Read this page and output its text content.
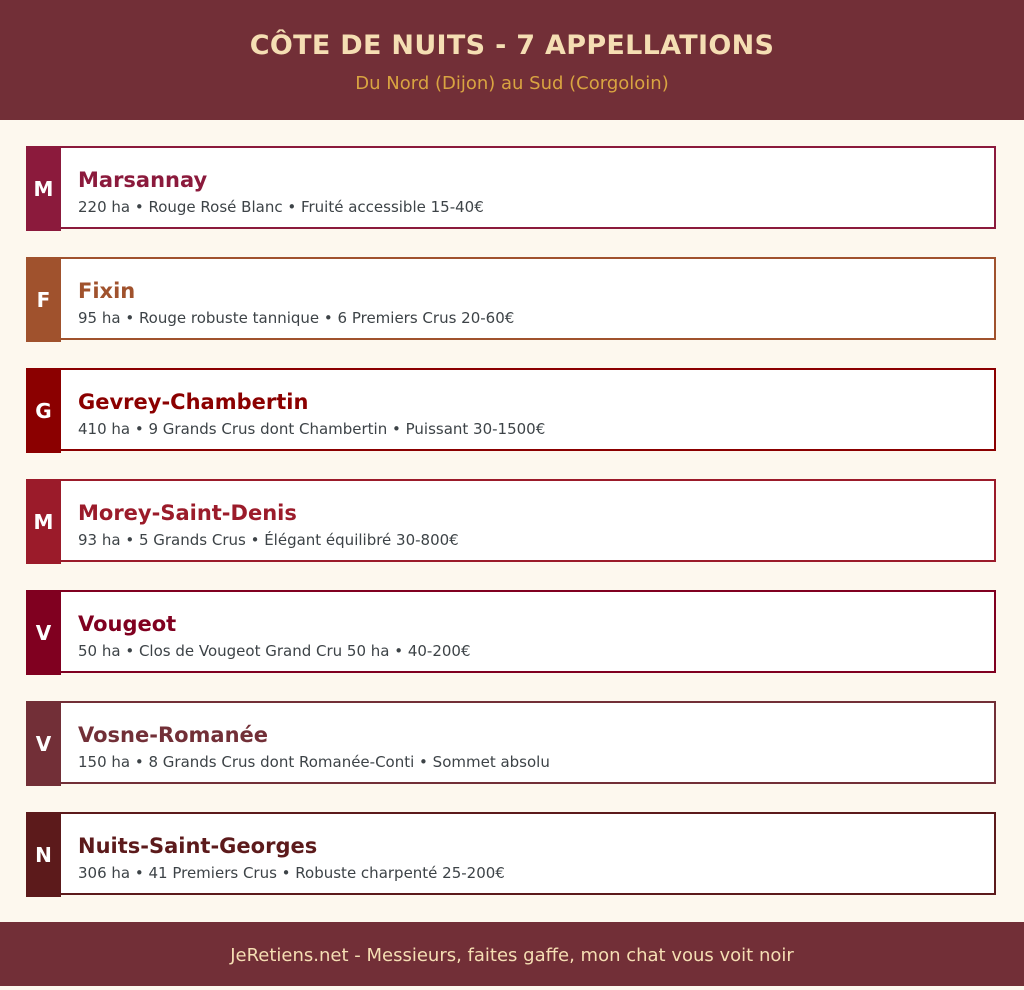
CÔTE DE NUITS - 7 APPELLATIONS
Du Nord (Dijon) au Sud (Corgoloin)
M	Marsannay
220 ha • Rouge Rosé Blanc • Fruité accessible 15-40€
F	Fixin
95 ha • Rouge robuste tannique • 6 Premiers Crus 20-60€
G	Gevrey-Chambertin
410 ha • 9 Grands Crus dont Chambertin • Puissant 30-1500€
M	Morey-Saint-Denis
93 ha • 5 Grands Crus • Élégant équilibré 30-800€
V	Vougeot
50 ha • Clos de Vougeot Grand Cru 50 ha • 40-200€
V	Vosne-Romanée
150 ha • 8 Grands Crus dont Romanée-Conti • Sommet absolu
N	Nuits-Saint-Georges
306 ha • 41 Premiers Crus • Robuste charpenté 25-200€
JeRetiens.net - Messieurs, faites gaffe, mon chat vous voit noir
